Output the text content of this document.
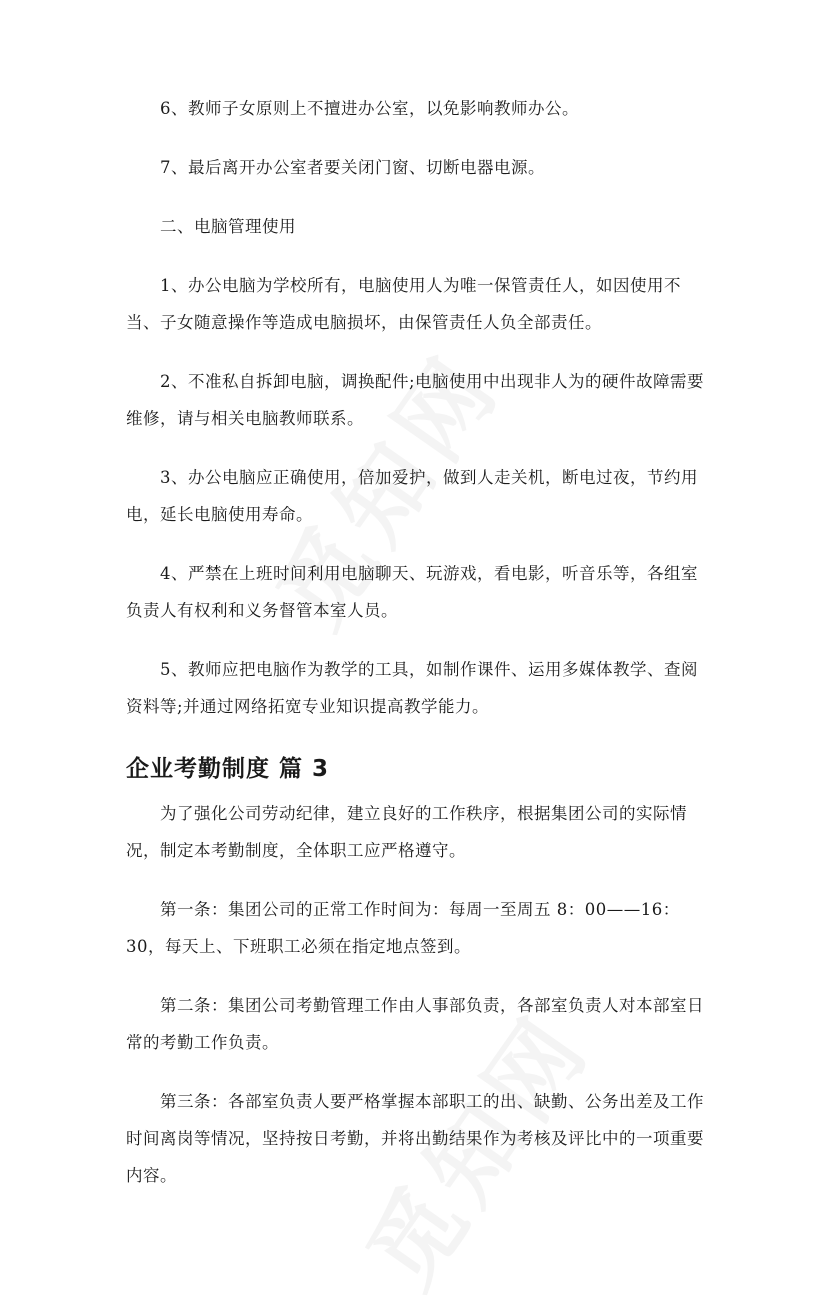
6、教师子女原则上不擅进办公室，以免影响教师办公。

7、最后离开办公室者要关闭门窗、切断电器电源。

二、电脑管理使用

1、办公电脑为学校所有，电脑使用人为唯一保管责任人，如因使用不当、子女随意操作等造成电脑损坏，由保管责任人负全部责任。

2、不准私自拆卸电脑，调换配件;电脑使用中出现非人为的硬件故障需要维修，请与相关电脑教师联系。

3、办公电脑应正确使用，倍加爱护，做到人走关机，断电过夜，节约用电，延长电脑使用寿命。

4、严禁在上班时间利用电脑聊天、玩游戏，看电影，听音乐等，各组室负责人有权利和义务督管本室人员。

5、教师应把电脑作为教学的工具，如制作课件、运用多媒体教学、查阅资料等;并通过网络拓宽专业知识提高教学能力。

企业考勤制度 篇 3

为了强化公司劳动纪律，建立良好的工作秩序，根据集团公司的实际情况，制定本考勤制度，全体职工应严格遵守。

第一条：集团公司的正常工作时间为：每周一至周五 8：00——16：30，每天上、下班职工必须在指定地点签到。

第二条：集团公司考勤管理工作由人事部负责，各部室负责人对本部室日常的考勤工作负责。

第三条：各部室负责人要严格掌握本部职工的出、缺勤、公务出差及工作时间离岗等情况，坚持按日考勤，并将出勤结果作为考核及评比中的一项重要内容。
